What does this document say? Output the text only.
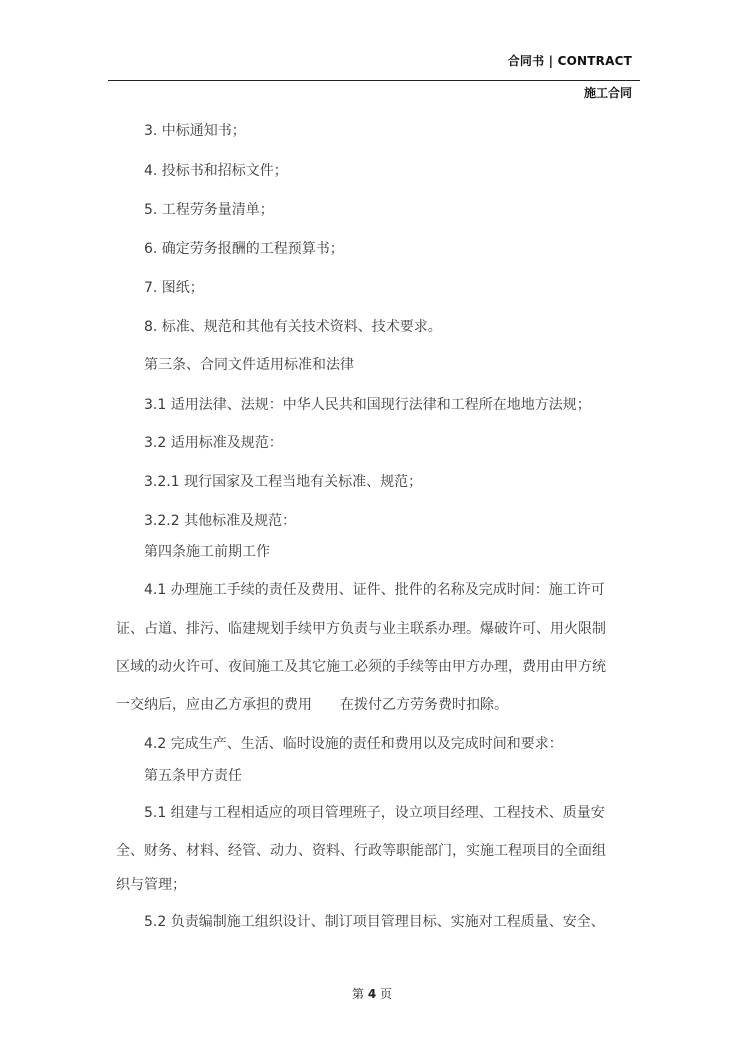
合同书 | CONTRACT
施工合同
3. 中标通知书；
4. 投标书和招标文件；
5. 工程劳务量清单；
6. 确定劳务报酬的工程预算书；
7. 图纸；
8. 标准、规范和其他有关技术资料、技术要求。
第三条、合同文件适用标准和法律
3.1 适用法律、法规：中华人民共和国现行法律和工程所在地地方法规；
3.2 适用标准及规范：
3.2.1 现行国家及工程当地有关标准、规范；
3.2.2 其他标准及规范：
第四条施工前期工作
4.1 办理施工手续的责任及费用、证件、批件的名称及完成时间：施工许可
证、占道、排污、临建规划手续甲方负责与业主联系办理。爆破许可、用火限制
区域的动火许可、夜间施工及其它施工必须的手续等由甲方办理，费用由甲方统
一交纳后，应由乙方承担的费用　　在拨付乙方劳务费时扣除。
4.2 完成生产、生活、临时设施的责任和费用以及完成时间和要求：
第五条甲方责任
5.1 组建与工程相适应的项目管理班子，设立项目经理、工程技术、质量安
全、财务、材料、经管、动力、资料、行政等职能部门，实施工程项目的全面组
织与管理；
5.2 负责编制施工组织设计、制订项目管理目标、实施对工程质量、安全、
第 4 页
